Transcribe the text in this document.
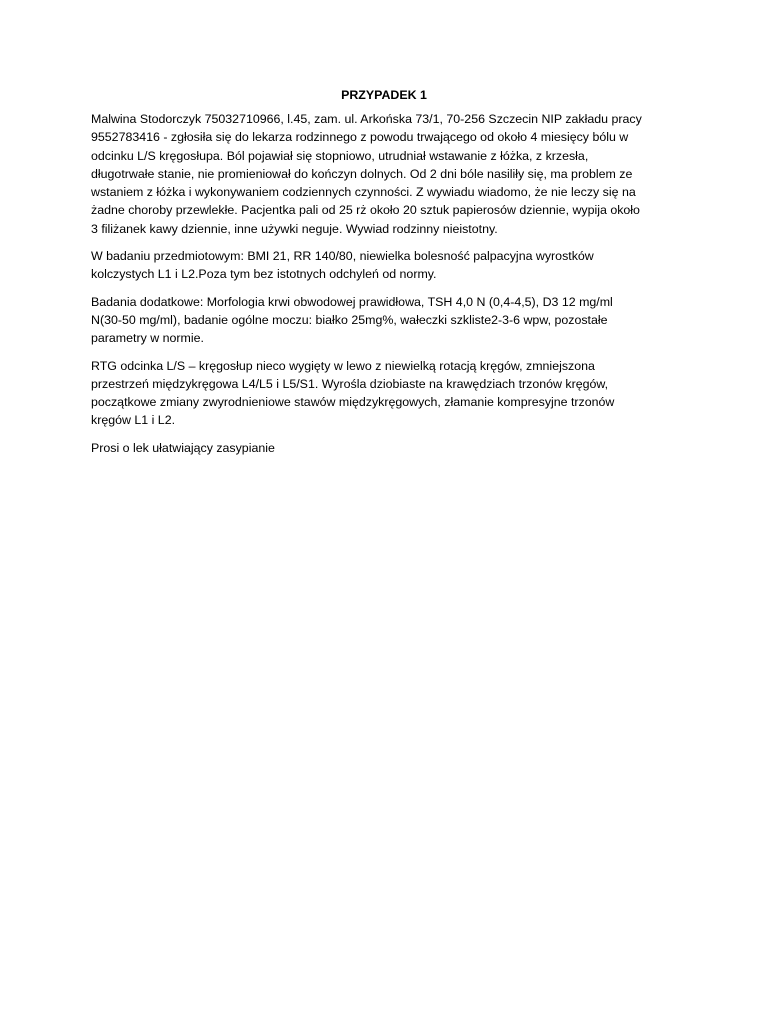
PRZYPADEK 1

Malwina Stodorczyk 75032710966, l.45, zam. ul. Arkońska 73/1, 70-256 Szczecin NIP zakładu pracy
9552783416 - zgłosiła się do lekarza rodzinnego z powodu trwającego od około 4 miesięcy bólu w
odcinku L/S kręgosłupa. Ból pojawiał się stopniowo, utrudniał wstawanie z łóżka, z krzesła,
długotrwałe stanie, nie promieniował do kończyn dolnych. Od 2 dni bóle nasiliły się, ma problem ze
wstaniem z łóżka i wykonywaniem codziennych czynności. Z wywiadu wiadomo, że nie leczy się na
żadne choroby przewlekłe. Pacjentka pali od 25 rż około 20 sztuk papierosów dziennie, wypija około
3 filiżanek kawy dziennie, inne używki neguje. Wywiad rodzinny nieistotny.

W badaniu przedmiotowym: BMI 21, RR 140/80, niewielka bolesność palpacyjna wyrostków
kolczystych L1 i L2.Poza tym bez istotnych odchyleń od normy.

Badania dodatkowe: Morfologia krwi obwodowej prawidłowa, TSH 4,0 N (0,4-4,5), D3 12 mg/ml
N(30-50 mg/ml), badanie ogólne moczu: białko 25mg%, wałeczki szkliste2-3-6 wpw, pozostałe
parametry w normie.

RTG odcinka L/S – kręgosłup nieco wygięty w lewo z niewielką rotacją kręgów, zmniejszona
przestrzeń międzykręgowa L4/L5 i L5/S1. Wyrośla dziobiaste na krawędziach trzonów kręgów,
początkowe zmiany zwyrodnieniowe stawów międzykręgowych, złamanie kompresyjne trzonów
kręgów L1 i L2.

Prosi o lek ułatwiający zasypianie
